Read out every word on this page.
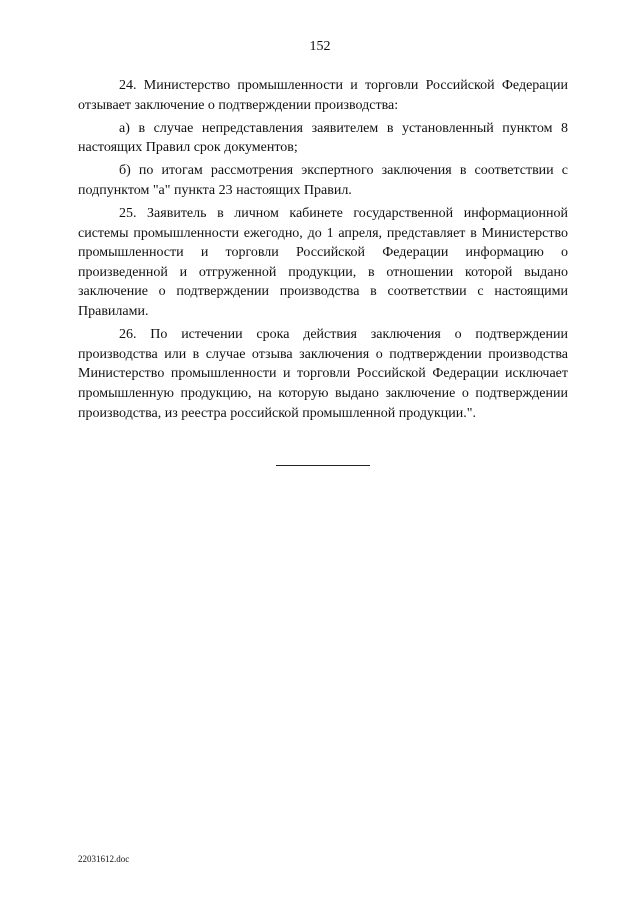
152

24. Министерство промышленности и торговли Российской Федерации отзывает заключение о подтверждении производства:

а) в случае непредставления заявителем в установленный пунктом 8 настоящих Правил срок документов;

б) по итогам рассмотрения экспертного заключения в соответствии с подпунктом "а" пункта 23 настоящих Правил.

25. Заявитель в личном кабинете государственной информационной системы промышленности ежегодно, до 1 апреля, представляет в Министерство промышленности и торговли Российской Федерации информацию о произведенной и отгруженной продукции, в отношении которой выдано заключение о подтверждении производства в соответствии с настоящими Правилами.

26. По истечении срока действия заключения о подтверждении производства или в случае отзыва заключения о подтверждении производства Министерство промышленности и торговли Российской Федерации исключает промышленную продукцию, на которую выдано заключение о подтверждении производства, из реестра российской промышленной продукции.".

22031612.doc
